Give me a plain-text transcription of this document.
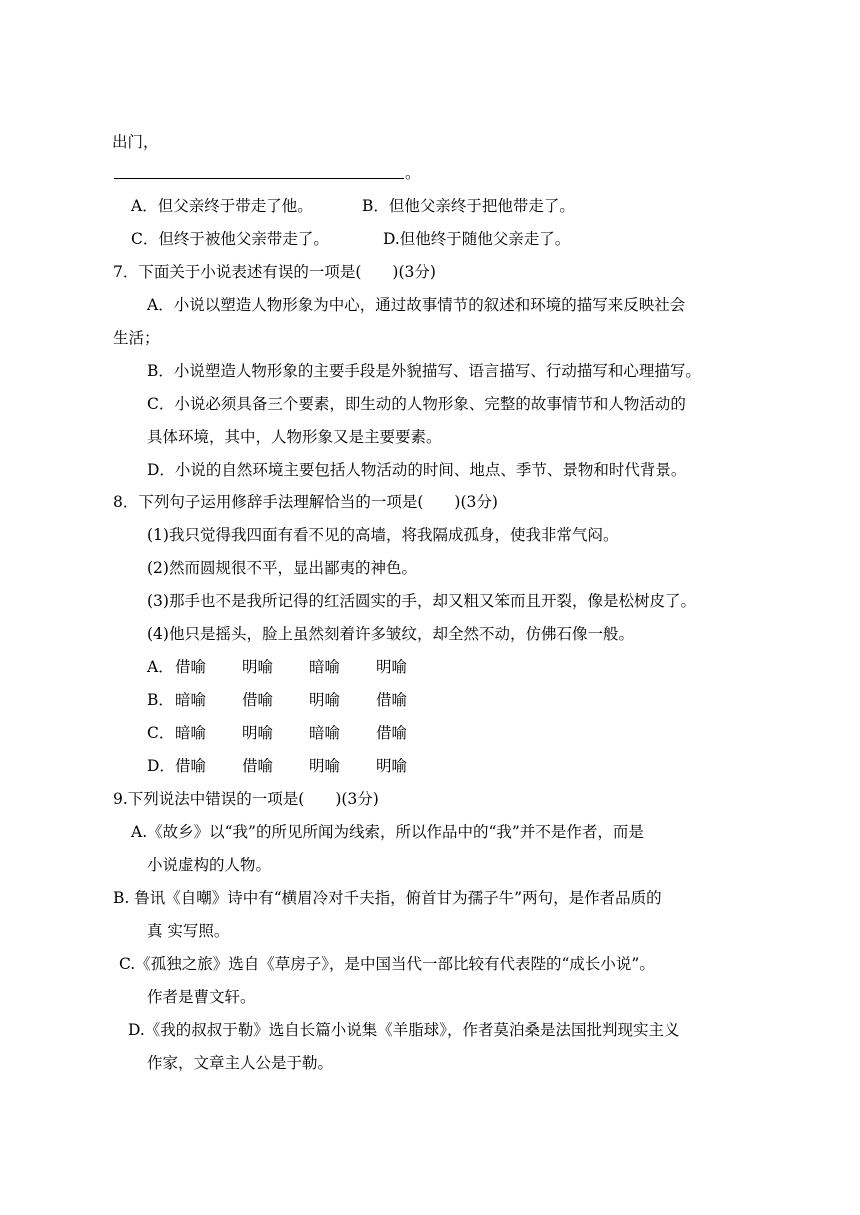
出门，

。

A．但父亲终于带走了他。	B．但他父亲终于把他带走了。

C．但终于被他父亲带走了。	D.但他终于随他父亲走了。

7．下面关于小说表述有误的一项是(　　)(3分)

A．小说以塑造人物形象为中心，通过故事情节的叙述和环境的描写来反映社会

生活；

B．小说塑造人物形象的主要手段是外貌描写、语言描写、行动描写和心理描写。

C．小说必须具备三个要素，即生动的人物形象、完整的故事情节和人物活动的

具体环境，其中，人物形象又是主要要素。

D．小说的自然环境主要包括人物活动的时间、地点、季节、景物和时代背景。

8．下列句子运用修辞手法理解恰当的一项是(　　)(3分)

(1)我只觉得我四面有看不见的高墙，将我隔成孤身，使我非常气闷。

(2)然而圆规很不平，显出鄙夷的神色。

(3)那手也不是我所记得的红活圆实的手，却又粗又笨而且开裂，像是松树皮了。

(4)他只是摇头，脸上虽然刻着许多皱纹，却全然不动，仿佛石像一般。

A．借喻 明喻 暗喻 明喻

B．暗喻 借喻 明喻 借喻

C．暗喻 明喻 暗喻 借喻

D．借喻 借喻 明喻 明喻

9.下列说法中错误的一项是(　　)(3分)

A.《故乡》以“我”的所见所闻为线索，所以作品中的“我”并不是作者，而是

小说虚构的人物。

B. 鲁讯《自嘲》诗中有“横眉冷对千夫指，俯首甘为孺子牛”两句，是作者品质的

真 实写照。

C.《孤独之旅》选自《草房子》，是中国当代一部比较有代表陛的“成长小说”。

作者是曹文轩。

D.《我的叔叔于勒》选自长篇小说集《羊脂球》，作者莫泊桑是法国批判现实主义

作家，文章主人公是于勒。
